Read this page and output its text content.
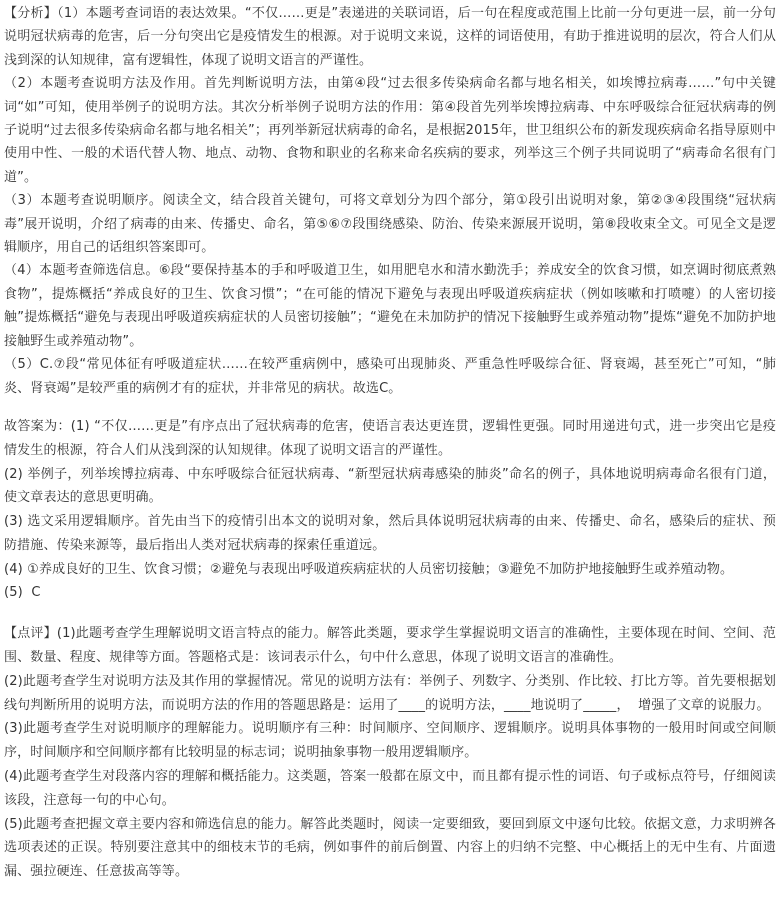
【分析】（1）本题考查词语的表达效果。“不仅……更是”表递进的关联词语，后一句在程度或范围上比前一分句更进一层，前一分句说明冠状病毒的危害，后一分句突出它是疫情发生的根源。对于说明文来说，这样的词语使用，有助于推进说明的层次，符合人们从浅到深的认知规律，富有逻辑性，体现了说明文语言的严谨性。

（2）本题考查说明方法及作用。首先判断说明方法，由第④段“过去很多传染病命名都与地名相关，如埃博拉病毒……”句中关键词“如”可知，使用举例子的说明方法。其次分析举例子说明方法的作用：第④段首先列举埃博拉病毒、中东呼吸综合征冠状病毒的例子说明“过去很多传染病命名都与地名相关”；再列举新冠状病毒的命名，是根据2015年，世卫组织公布的新发现疾病命名指导原则中使用中性、一般的术语代替人物、地点、动物、食物和职业的名称来命名疾病的要求，列举这三个例子共同说明了“病毒命名很有门道”。

（3）本题考查说明顺序。阅读全文，结合段首关键句，可将文章划分为四个部分，第①段引出说明对象，第②③④段围绕“冠状病毒”展开说明，介绍了病毒的由来、传播史、命名，第⑤⑥⑦段围绕感染、防治、传染来源展开说明，第⑧段收束全文。可见全文是逻辑顺序，用自己的话组织答案即可。

（4）本题考查筛选信息。⑥段“要保持基本的手和呼吸道卫生，如用肥皂水和清水勤洗手；养成安全的饮食习惯，如烹调时彻底煮熟食物”，提炼概括“养成良好的卫生、饮食习惯”；“在可能的情况下避免与表现出呼吸道疾病症状（例如咳嗽和打喷嚏）的人密切接触”提炼概括“避免与表现出呼吸道疾病症状的人员密切接触”；“避免在未加防护的情况下接触野生或养殖动物”提炼“避免不加防护地接触野生或养殖动物”。

（5）C.⑦段“常见体征有呼吸道症状……在较严重病例中，感染可出现肺炎、严重急性呼吸综合征、肾衰竭，甚至死亡”可知，“肺炎、肾衰竭”是较严重的病例才有的症状，并非常见的病状。故选C。

故答案为：(1) “不仅……更是”有序点出了冠状病毒的危害，使语言表达更连贯，逻辑性更强。同时用递进句式，进一步突出它是疫情发生的根源，符合人们从浅到深的认知规律。体现了说明文语言的严谨性。

(2) 举例子，列举埃博拉病毒、中东呼吸综合征冠状病毒、“新型冠状病毒感染的肺炎”命名的例子，具体地说明病毒命名很有门道，使文章表达的意思更明确。

(3) 选文采用逻辑顺序。首先由当下的疫情引出本文的说明对象，然后具体说明冠状病毒的由来、传播史、命名，感染后的症状、预防措施、传染来源等，最后指出人类对冠状病毒的探索任重道远。

(4) ①养成良好的卫生、饮食习惯；②避免与表现出呼吸道疾病症状的人员密切接触；③避免不加防护地接触野生或养殖动物。

(5)  C

【点评】(1)此题考查学生理解说明文语言特点的能力。解答此类题，要求学生掌握说明文语言的准确性，主要体现在时间、空间、范围、数量、程度、规律等方面。答题格式是：该词表示什么，句中什么意思，体现了说明文语言的准确性。

(2)此题考查学生对说明方法及其作用的掌握情况。常见的说明方法有：举例子、列数字、分类别、作比较、打比方等。首先要根据划线句判断所用的说明方法，而说明方法的作用的答题思路是：运用了____的说明方法，____地说明了_____，  增强了文章的说服力。

(3)此题考查学生对说明顺序的理解能力。说明顺序有三种：时间顺序、空间顺序、逻辑顺序。说明具体事物的一般用时间或空间顺序，时间顺序和空间顺序都有比较明显的标志词；说明抽象事物一般用逻辑顺序。

(4)此题考查学生对段落内容的理解和概括能力。这类题，答案一般都在原文中，而且都有提示性的词语、句子或标点符号，仔细阅读该段，注意每一句的中心句。

(5)此题考查把握文章主要内容和筛选信息的能力。解答此类题时，阅读一定要细致，要回到原文中逐句比较。依据文意，力求明辨各选项表述的正误。特别要注意其中的细枝末节的毛病，例如事件的前后倒置、内容上的归纳不完整、中心概括上的无中生有、片面遗漏、强拉硬连、任意拔高等等。
